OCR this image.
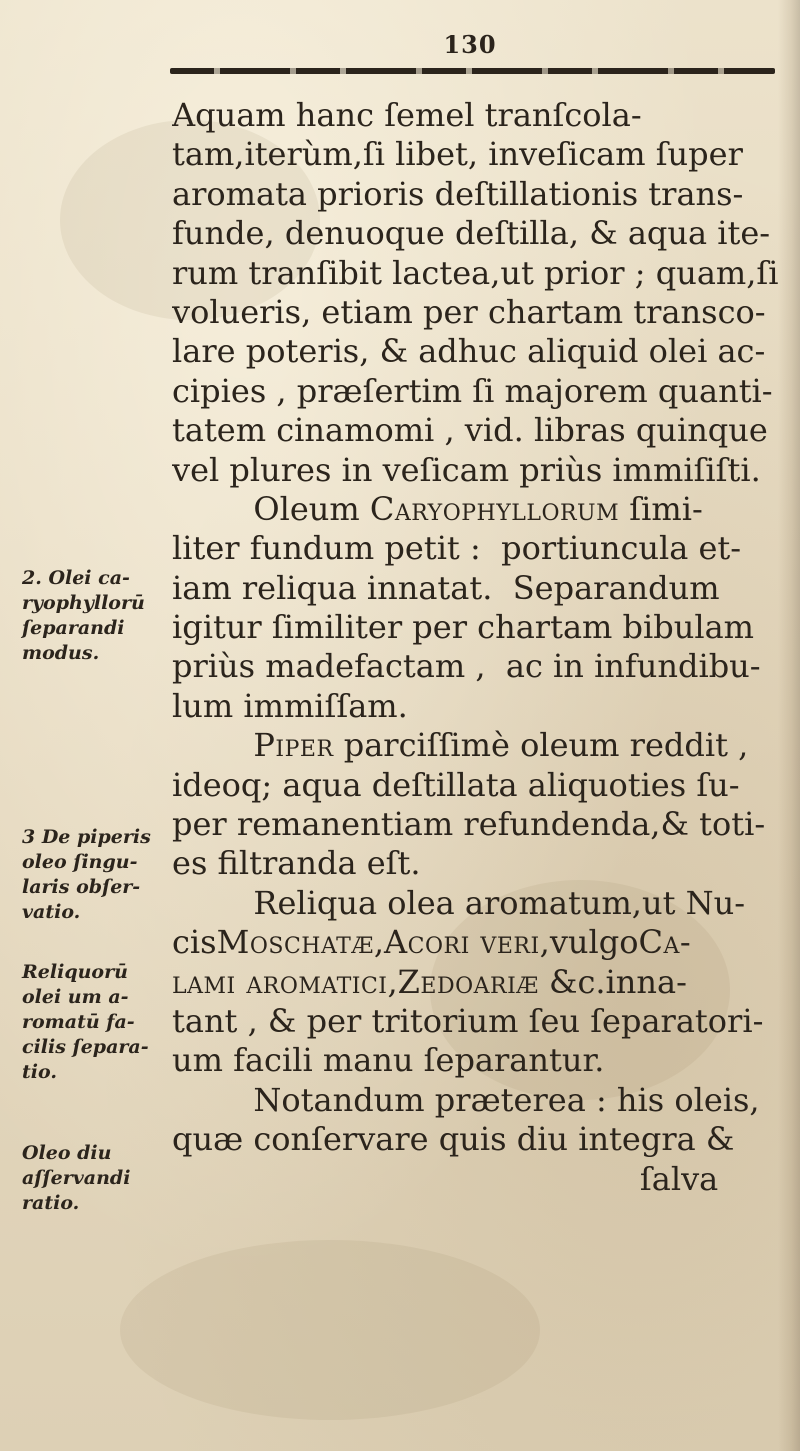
130
Aquam hanc ſemel tranſcola-
tam,iterùm,ſi libet, inveſicam ſuper
aromata prioris deſtillationis trans-
funde, denuoque deſtilla, & aqua ite-
rum tranſibit lactea,ut prior ; quam,ſi
volueris, etiam per chartam transco-
lare poteris, & adhuc aliquid olei ac-
cipies , præſertim ſi majorem quanti-
tatem cinamomi , vid. libras quinque
vel plures in veſicam priùs immiſiſti.
Oleum Caryophyllorum ſimi-
liter fundum petit :  portiuncula et-
iam reliqua innatat.  Separandum
igitur ſimiliter per chartam bibulam
priùs madefactam ,  ac in infundibu-
lum immiſſam.
Piper parciſſimè oleum reddit ,
ideoq; aqua deſtillata aliquoties ſu-
per remanentiam refundenda,& toti-
es filtranda eſt.
Reliqua olea aromatum,ut Nu-
cisMoschatæ,Acori veri,vulgoCa-
lami aromatici,Zedoariæ &c.inna-
tant , & per tritorium ſeu ſeparatori-
um facili manu ſeparantur.
Notandum præterea : his oleis,
quæ conſervare quis diu integra &
ſalva
2. Olei ca-
ryophyllorū
ſeparandi
modus.
3 De piperis
oleo ſingu-
laris obſer-
vatio.
Reliquorū
olei um a-
romatū fa-
cilis ſepara-
tio.
Oleo diu
aſſervandi
ratio.
